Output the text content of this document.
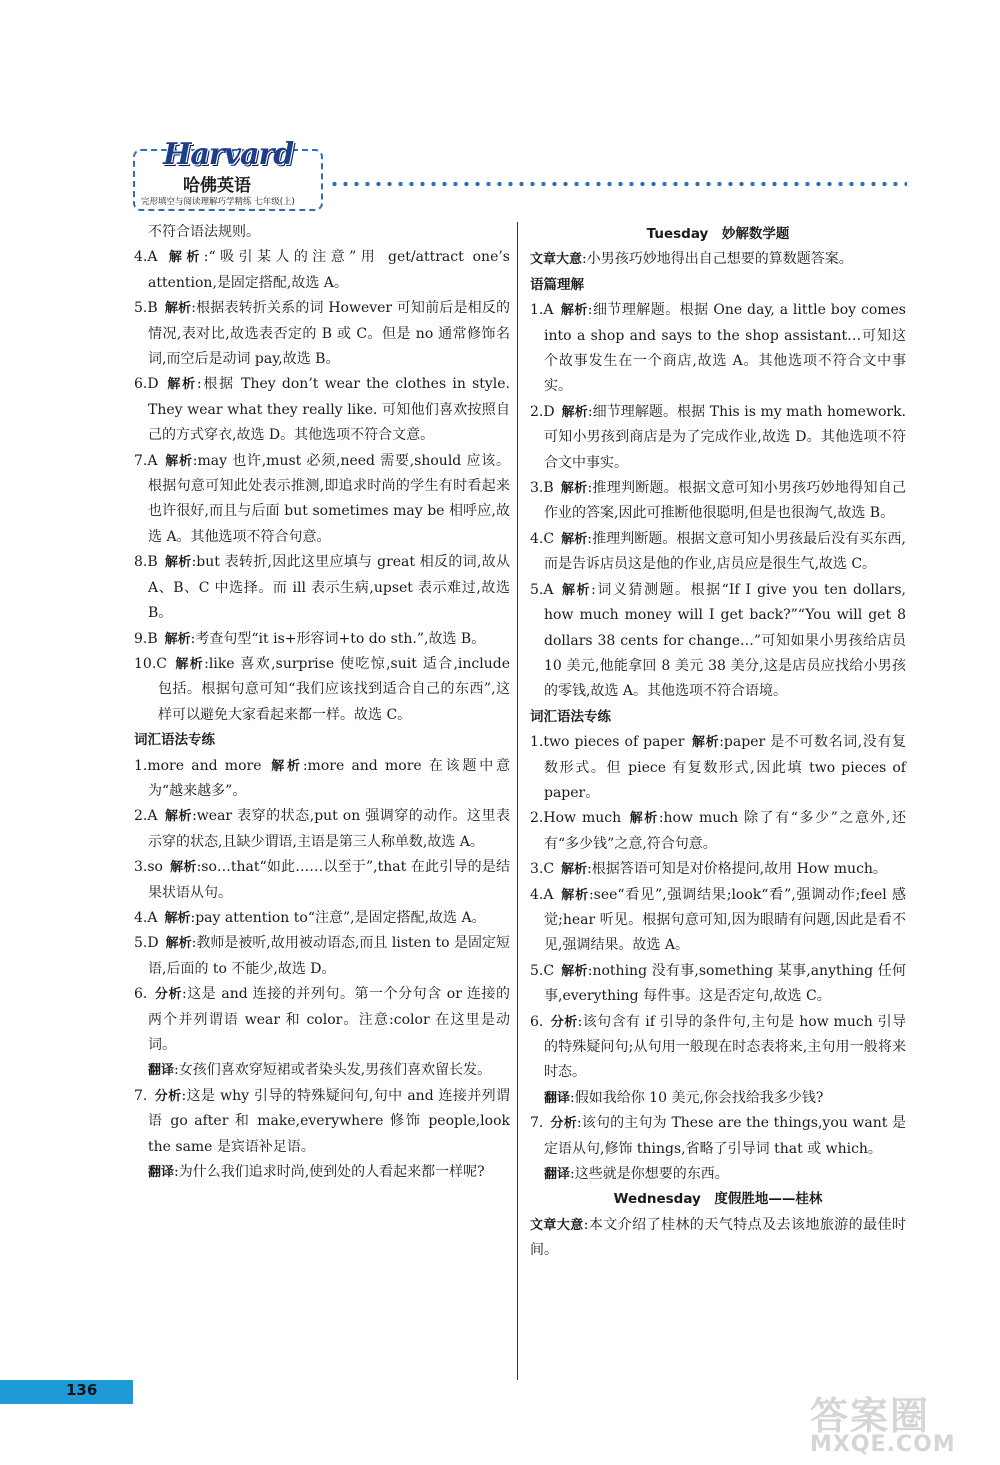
Harvard
哈佛英语
完形填空与阅读理解巧学精练 七年级(上)

不符合语法规则。

4.A  解析:“吸引某人的注意”用 get/attract one’s attention,是固定搭配,故选 A。

5.B  解析:根据表转折关系的词 However 可知前后是相反的情况,表对比,故选表否定的 B 或 C。但是 no 通常修饰名词,而空后是动词 pay,故选 B。

6.D  解析:根据 They don’t wear the clothes in style. They wear what they really like. 可知他们喜欢按照自己的方式穿衣,故选 D。其他选项不符合文意。

7.A  解析:may 也许,must 必须,need 需要,should 应该。根据句意可知此处表示推测,即追求时尚的学生有时看起来也许很好,而且与后面 but sometimes may be 相呼应,故选 A。其他选项不符合句意。

8.B  解析:but 表转折,因此这里应填与 great 相反的词,故从 A、B、C 中选择。而 ill 表示生病,upset 表示难过,故选 B。

9.B  解析:考查句型“it is+形容词+to do sth.”,故选 B。

10.C  解析:like 喜欢,surprise 使吃惊,suit 适合,include 包括。根据句意可知“我们应该找到适合自己的东西”,这样可以避免大家看起来都一样。故选 C。

词汇语法专练

1.more and more  解析:more and more 在该题中意为“越来越多”。

2.A  解析:wear 表穿的状态,put on 强调穿的动作。这里表示穿的状态,且缺少谓语,主语是第三人称单数,故选 A。

3.so  解析:so…that“如此……以至于”,that 在此引导的是结果状语从句。

4.A  解析:pay attention to“注意”,是固定搭配,故选 A。

5.D  解析:教师是被听,故用被动语态,而且 listen to 是固定短语,后面的 to 不能少,故选 D。

6.  分析:这是 and 连接的并列句。第一个分句含 or 连接的两个并列谓语 wear 和 color。注意:color 在这里是动词。

翻译:女孩们喜欢穿短裙或者染头发,男孩们喜欢留长发。

7.  分析:这是 why 引导的特殊疑问句,句中 and 连接并列谓语 go after 和 make,everywhere 修饰 people,look the same 是宾语补足语。

翻译:为什么我们追求时尚,使到处的人看起来都一样呢?

Tuesday　妙解数学题

文章大意:小男孩巧妙地得出自己想要的算数题答案。

语篇理解

1.A  解析:细节理解题。根据 One day, a little boy comes into a shop and says to the shop assistant…可知这个故事发生在一个商店,故选 A。其他选项不符合文中事实。

2.D  解析:细节理解题。根据 This is my math homework. 可知小男孩到商店是为了完成作业,故选 D。其他选项不符合文中事实。

3.B  解析:推理判断题。根据文意可知小男孩巧妙地得知自己作业的答案,因此可推断他很聪明,但是也很淘气,故选 B。

4.C  解析:推理判断题。根据文意可知小男孩最后没有买东西,而是告诉店员这是他的作业,店员应是很生气,故选 C。

5.A  解析:词义猜测题。根据“If I give you ten dollars, how much money will I get back?”“You will get 8 dollars 38 cents for change…”可知如果小男孩给店员 10 美元,他能拿回 8 美元 38 美分,这是店员应找给小男孩的零钱,故选 A。其他选项不符合语境。

词汇语法专练

1.two pieces of paper  解析:paper 是不可数名词,没有复数形式。但 piece 有复数形式,因此填 two pieces of paper。

2.How much  解析:how much 除了有“多少”之意外,还有“多少钱”之意,符合句意。

3.C  解析:根据答语可知是对价格提问,故用 How much。

4.A  解析:see“看见”,强调结果;look“看”,强调动作;feel 感觉;hear 听见。根据句意可知,因为眼睛有问题,因此是看不见,强调结果。故选 A。

5.C  解析:nothing 没有事,something 某事,anything 任何事,everything 每件事。这是否定句,故选 C。

6.  分析:该句含有 if 引导的条件句,主句是 how much 引导的特殊疑问句;从句用一般现在时态表将来,主句用一般将来时态。

翻译:假如我给你 10 美元,你会找给我多少钱?

7.  分析:该句的主句为 These are the things,you want 是定语从句,修饰 things,省略了引导词 that 或 which。

翻译:这些就是你想要的东西。

Wednesday　度假胜地——桂林

文章大意:本文介绍了桂林的天气特点及去该地旅游的最佳时间。

136
答案圈
MXQE.COM
